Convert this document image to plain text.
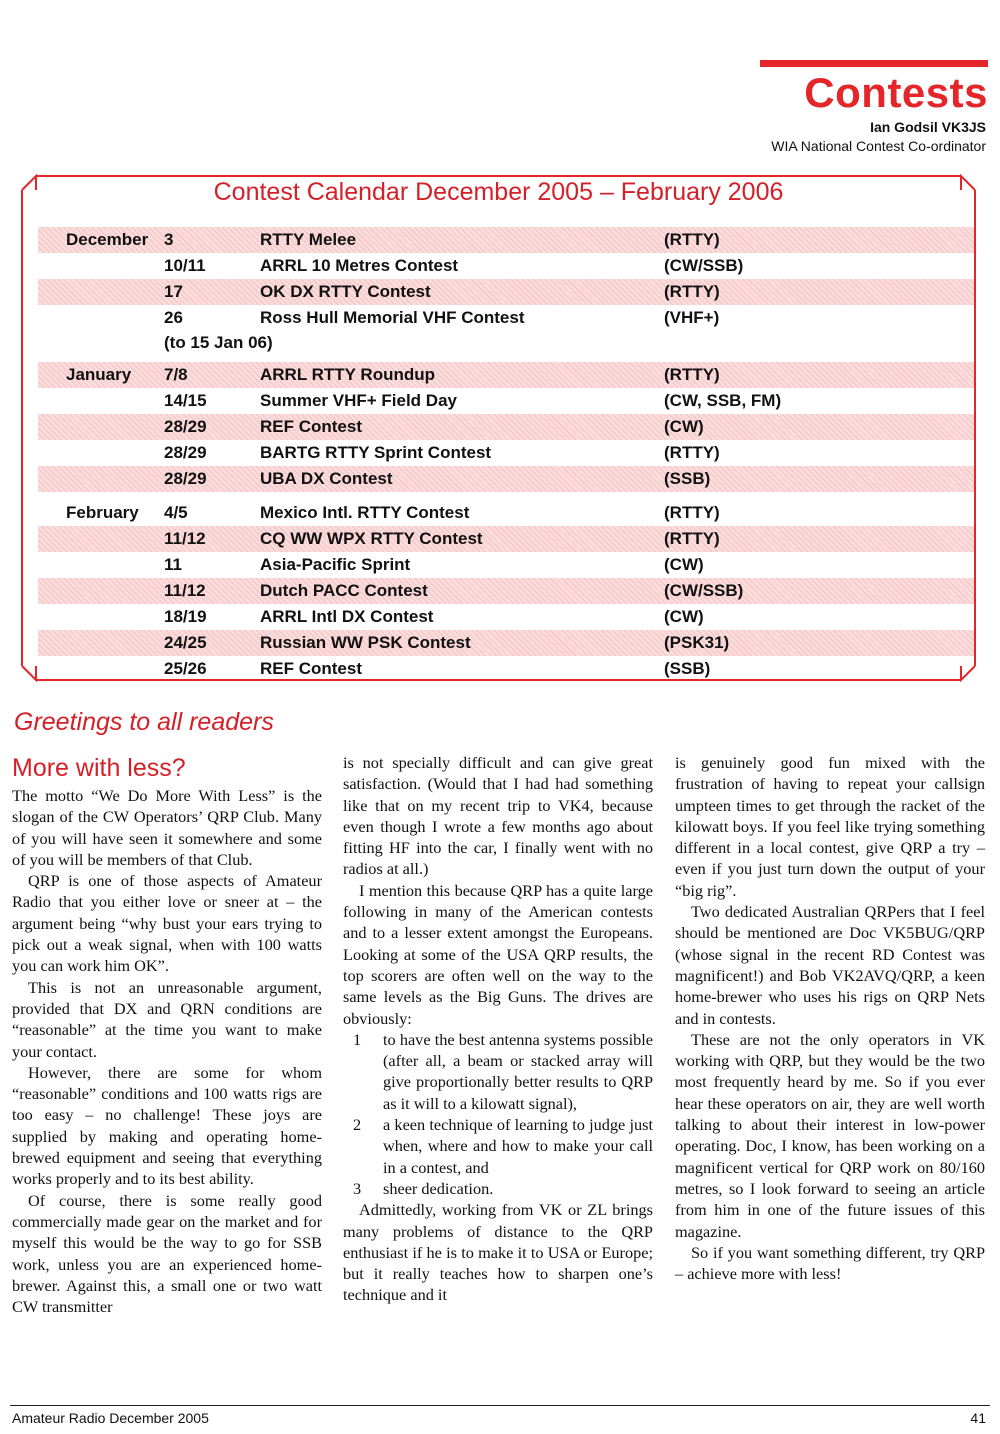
Contests
Ian Godsil VK3JS
WIA National Contest Co-ordinator
Contest Calendar December 2005 – February 2006
December 3	RTTY Melee	(RTTY)
10/11	ARRL 10 Metres Contest	(CW/SSB)
17	OK DX RTTY Contest	(RTTY)
26	Ross Hull Memorial VHF Contest	(VHF+)
(to 15 Jan 06)
January 7/8	ARRL RTTY Roundup	(RTTY)
14/15	Summer VHF+ Field Day	(CW, SSB, FM)
28/29	REF Contest	(CW)
28/29	BARTG RTTY Sprint Contest	(RTTY)
28/29	UBA DX Contest	(SSB)
February 4/5	Mexico Intl. RTTY Contest	(RTTY)
11/12	CQ WW WPX RTTY Contest	(RTTY)
11	Asia-Pacific Sprint	(CW)
11/12	Dutch PACC Contest	(CW/SSB)
18/19	ARRL Intl DX Contest	(CW)
24/25	Russian WW PSK Contest	(PSK31)
25/26	REF Contest	(SSB)
Greetings to all readers
More with less?

The motto “We Do More With Less” is the slogan of the CW Operators’ QRP Club. Many of you will have seen it somewhere and some of you will be members of that Club.

QRP is one of those aspects of Amateur Radio that you either love or sneer at – the argument being “why bust your ears trying to pick out a weak signal, when with 100 watts you can work him OK”.

This is not an unreasonable argument, provided that DX and QRN conditions are “reasonable” at the time you want to make your contact.

However, there are some for whom “reasonable” conditions and 100 watts rigs are too easy – no challenge! These joys are supplied by making and operating home-brewed equipment and seeing that everything works properly and to its best ability.

Of course, there is some really good commercially made gear on the market and for myself this would be the way to go for SSB work, unless you are an experienced home-brewer. Against this, a small one or two watt CW transmitter

is not specially difficult and can give great satisfaction. (Would that I had had something like that on my recent trip to VK4, because even though I wrote a few months ago about fitting HF into the car, I finally went with no radios at all.)

I mention this because QRP has a quite large following in many of the American contests and to a lesser extent amongst the Europeans. Looking at some of the USA QRP results, the top scorers are often well on the way to the same levels as the Big Guns. The drives are obviously:

1 to have the best antenna systems possible (after all, a beam or stacked array will give proportionally better results to QRP as it will to a kilowatt signal),
2 a keen technique of learning to judge just when, where and how to make your call in a contest, and
3 sheer dedication.

Admittedly, working from VK or ZL brings many problems of distance to the QRP enthusiast if he is to make it to USA or Europe; but it really teaches how to sharpen one’s technique and it

is genuinely good fun mixed with the frustration of having to repeat your callsign umpteen times to get through the racket of the kilowatt boys. If you feel like trying something different in a local contest, give QRP a try – even if you just turn down the output of your “big rig”.

Two dedicated Australian QRPers that I feel should be mentioned are Doc VK5BUG/QRP (whose signal in the recent RD Contest was magnificent!) and Bob VK2AVQ/QRP, a keen home-brewer who uses his rigs on QRP Nets and in contests.

These are not the only operators in VK working with QRP, but they would be the two most frequently heard by me. So if you ever hear these operators on air, they are well worth talking to about their interest in low-power operating. Doc, I know, has been working on a magnificent vertical for QRP work on 80/160 metres, so I look forward to seeing an article from him in one of the future issues of this magazine.

So if you want something different, try QRP – achieve more with less!

Amateur Radio December 2005	41
